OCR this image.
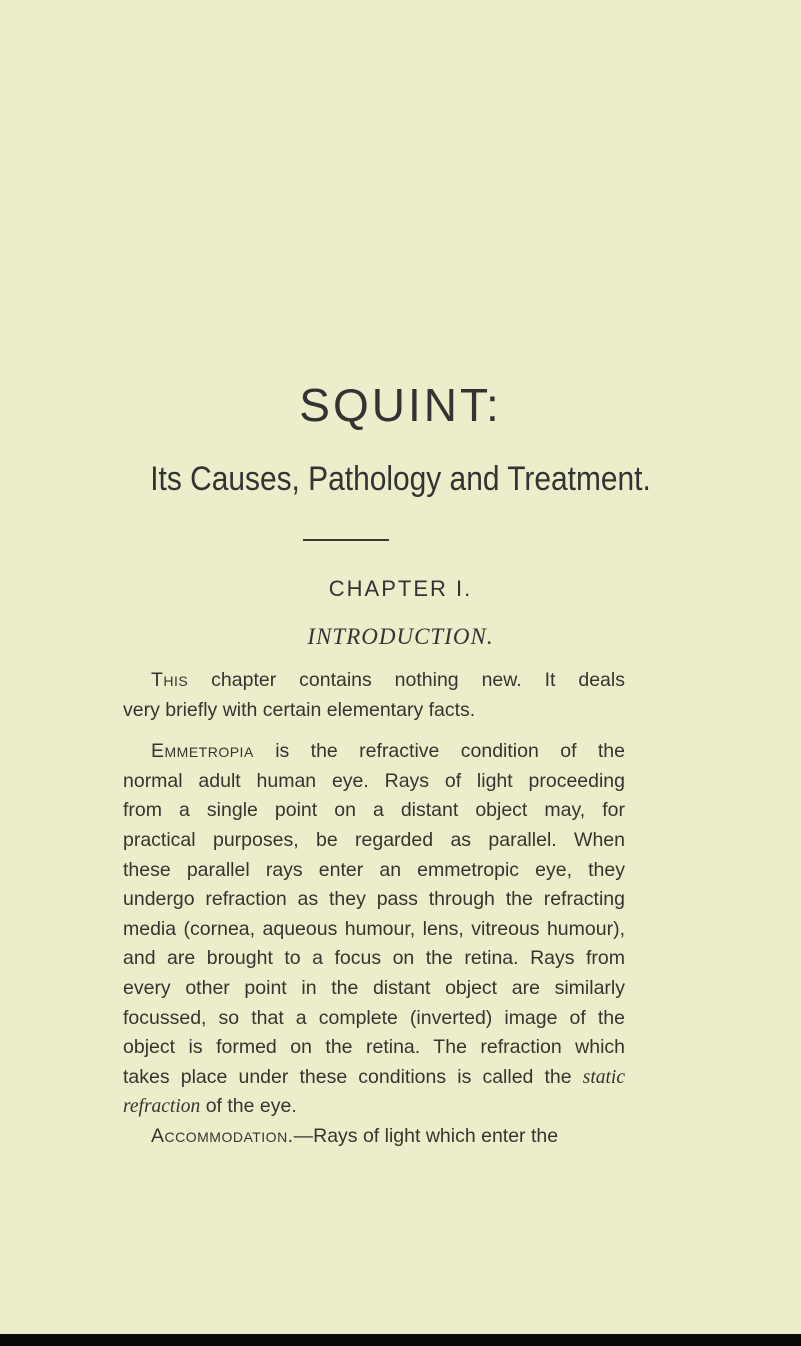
SQUINT:
Its Causes, Pathology and Treatment.
CHAPTER I.
INTRODUCTION.

This chapter contains nothing new. It deals

very briefly with certain elementary facts.

Emmetropia is the refractive condition of the

normal adult human eye. Rays of light proceeding

from a single point on a distant object may, for

practical purposes, be regarded as parallel. When

these parallel rays enter an emmetropic eye, they

undergo refraction as they pass through the refracting

media (cornea, aqueous humour, lens, vitreous humour),

and are brought to a focus on the retina. Rays from

every other point in the distant object are similarly

focussed, so that a complete (inverted) image of the

object is formed on the retina. The refraction which

takes place under these conditions is called the static

refraction of the eye.

Accommodation.—Rays of light which enter the
